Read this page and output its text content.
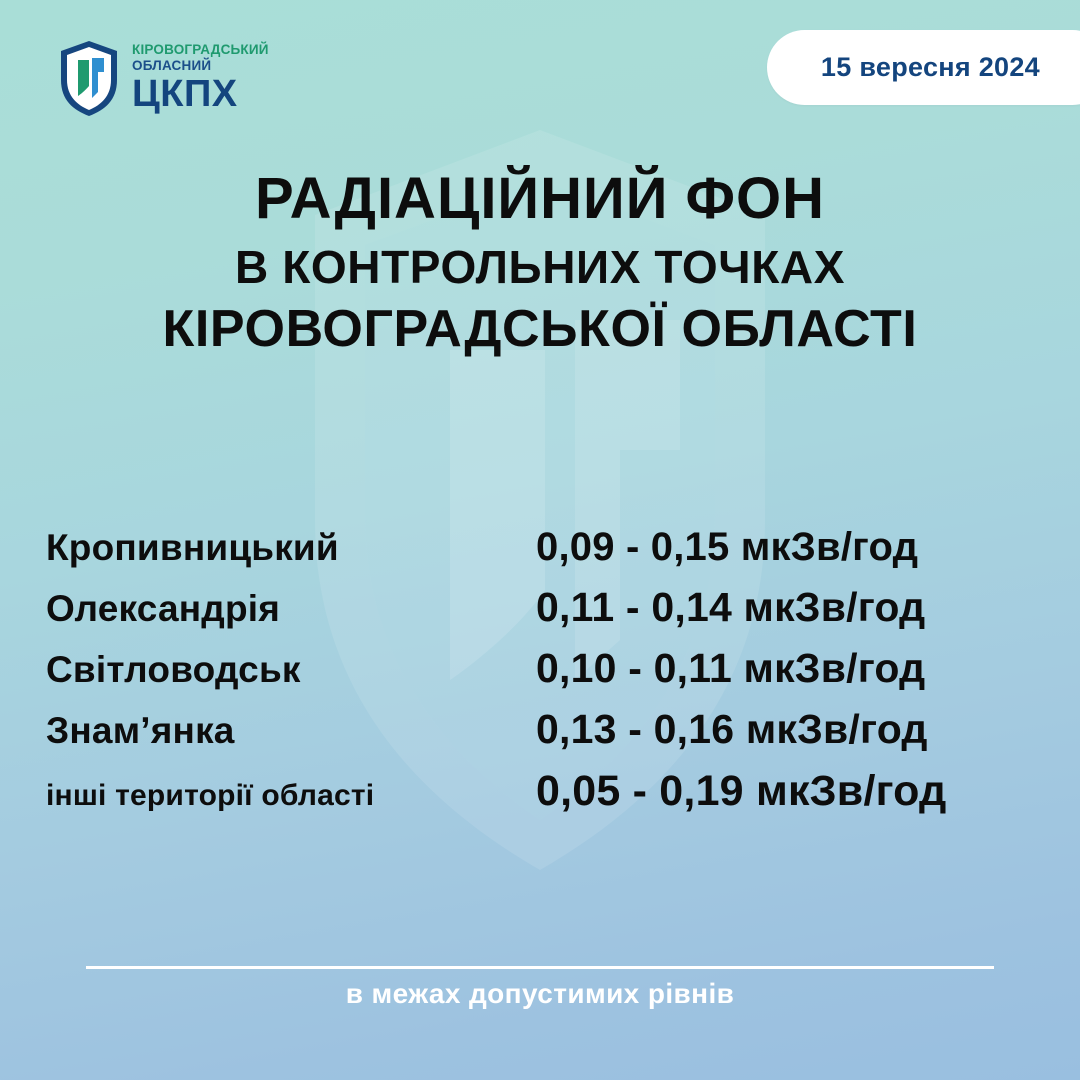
КІРОВОГРАДСЬКИЙ
ОБЛАСНИЙ
ЦКПХ
15 вересня 2024
РАДІАЦІЙНИЙ ФОН
В КОНТРОЛЬНИХ ТОЧКАХ
КІРОВОГРАДСЬКОЇ ОБЛАСТІ
Кропивницький	0,09 - 0,15 мкЗв/год
Олександрія	0,11 - 0,14 мкЗв/год
Світловодськ	0,10 - 0,11 мкЗв/год
Знам’янка	0,13 - 0,16 мкЗв/год
інші території області	0,05 - 0,19 мкЗв/год
в межах допустимих рівнів
